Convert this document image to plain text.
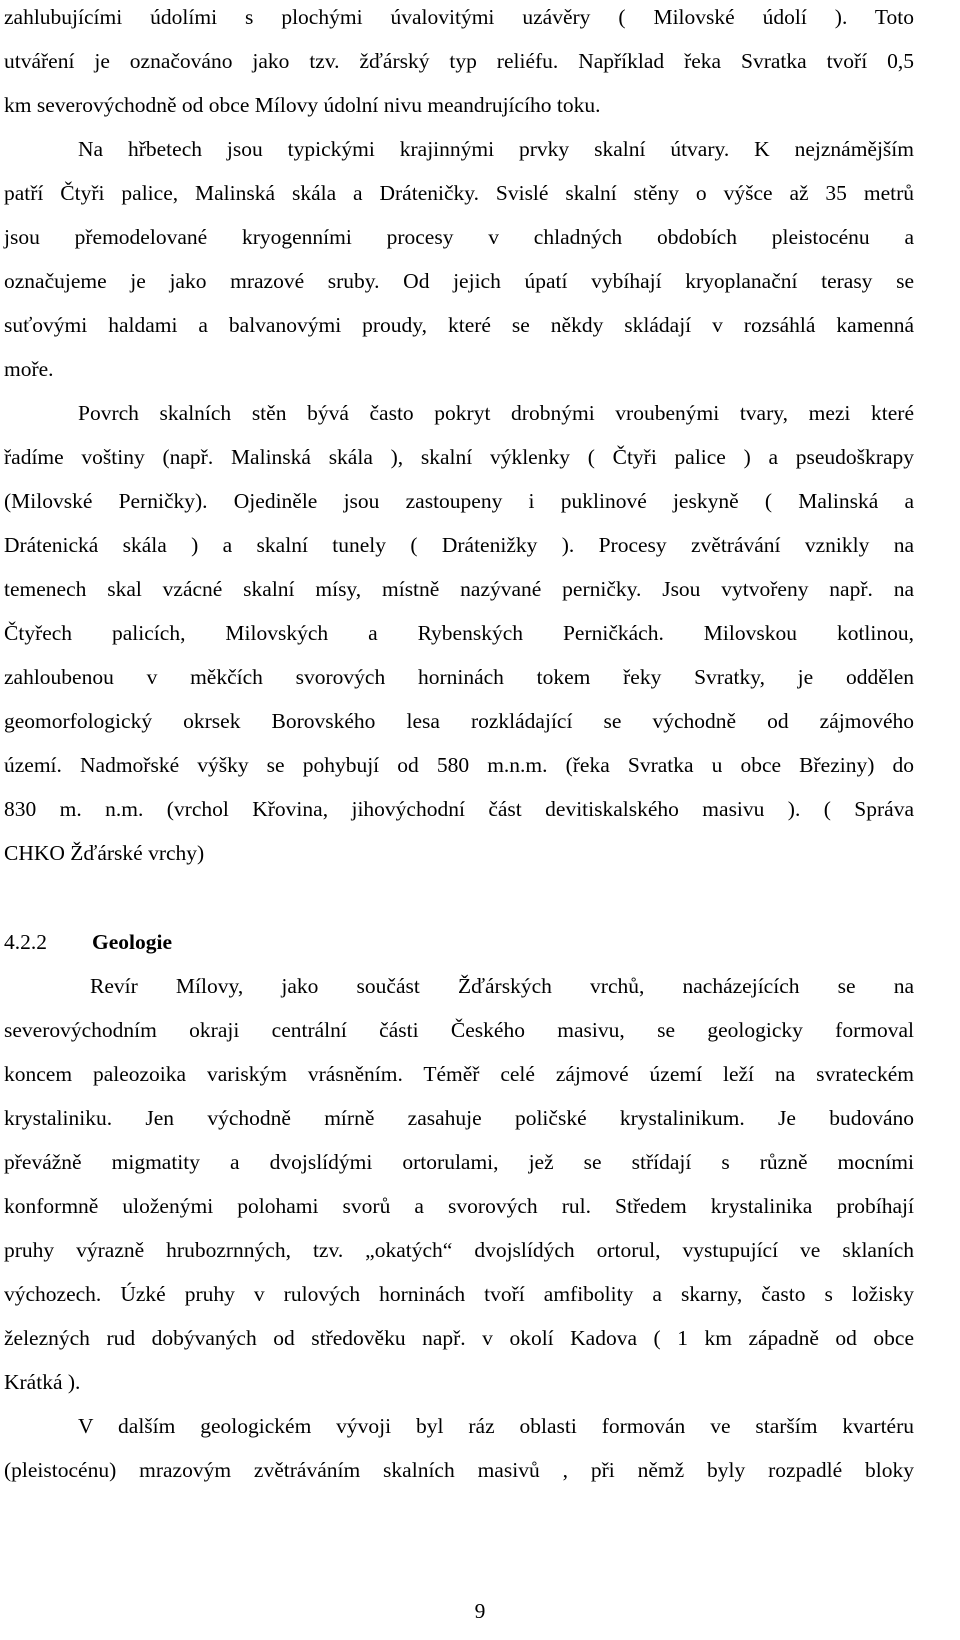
zahlubujícími údolími s plochými úvalovitými uzávěry ( Milovské údolí ). Toto
utváření je označováno jako tzv. žďárský typ reliéfu. Například řeka Svratka tvoří 0,5
km severovýchodně od obce Mílovy údolní nivu meandrujícího toku.
Na hřbetech jsou typickými krajinnými prvky skalní útvary. K nejznámějším
patří Čtyři palice, Malinská skála a Dráteničky. Svislé skalní stěny o výšce až 35 metrů
jsou přemodelované kryogenními procesy v chladných obdobích pleistocénu a
označujeme je jako mrazové sruby. Od jejich úpatí vybíhají kryoplanační terasy se
suťovými haldami a balvanovými proudy, které se někdy skládají v rozsáhlá kamenná
moře.
Povrch skalních stěn bývá často pokryt drobnými vroubenými tvary, mezi které
řadíme voštiny (např. Malinská skála ), skalní výklenky ( Čtyři palice ) a pseudoškrapy
(Milovské Perničky). Ojediněle jsou zastoupeny i puklinové jeskyně ( Malinská a
Drátenická skála ) a skalní tunely ( Drátenižky ). Procesy zvětrávání vznikly na
temenech skal vzácné skalní mísy, místně nazývané perničky. Jsou vytvořeny např. na
Čtyřech palicích, Milovských a Rybenských Perničkách. Milovskou kotlinou,
zahloubenou v měkčích svorových horninách tokem řeky Svratky, je oddělen
geomorfologický okrsek Borovského lesa rozkládající se východně od zájmového
území. Nadmořské výšky se pohybují od 580 m.n.m. (řeka Svratka u obce Březiny) do
830 m. n.m. (vrchol Křovina, jihovýchodní část devitiskalského masivu ). ( Správa
CHKO Žďárské vrchy)
4.2.2 Geologie
Revír Mílovy, jako součást Žďárských vrchů, nacházejících se na
severovýchodním okraji centrální části Českého masivu, se geologicky formoval
koncem paleozoika variským vrásněním. Téměř celé zájmové území leží na svrateckém
krystaliniku. Jen východně mírně zasahuje poličské krystalinikum. Je budováno
převážně migmatity a dvojslídými ortorulami, jež se střídají s různě mocními
konformně uloženými polohami svorů a svorových rul. Středem krystalinika probíhají
pruhy výrazně hrubozrnných, tzv. „okatých“ dvojslídých ortorul, vystupující ve sklaních
výchozech. Úzké pruhy v rulových horninách tvoří amfibolity a skarny, často s ložisky
železných rud dobývaných od středověku např. v okolí Kadova ( 1 km západně od obce
Krátká ).
V dalším geologickém vývoji byl ráz oblasti formován ve starším kvartéru
(pleistocénu) mrazovým zvětráváním skalních masivů , při němž byly rozpadlé bloky
9
